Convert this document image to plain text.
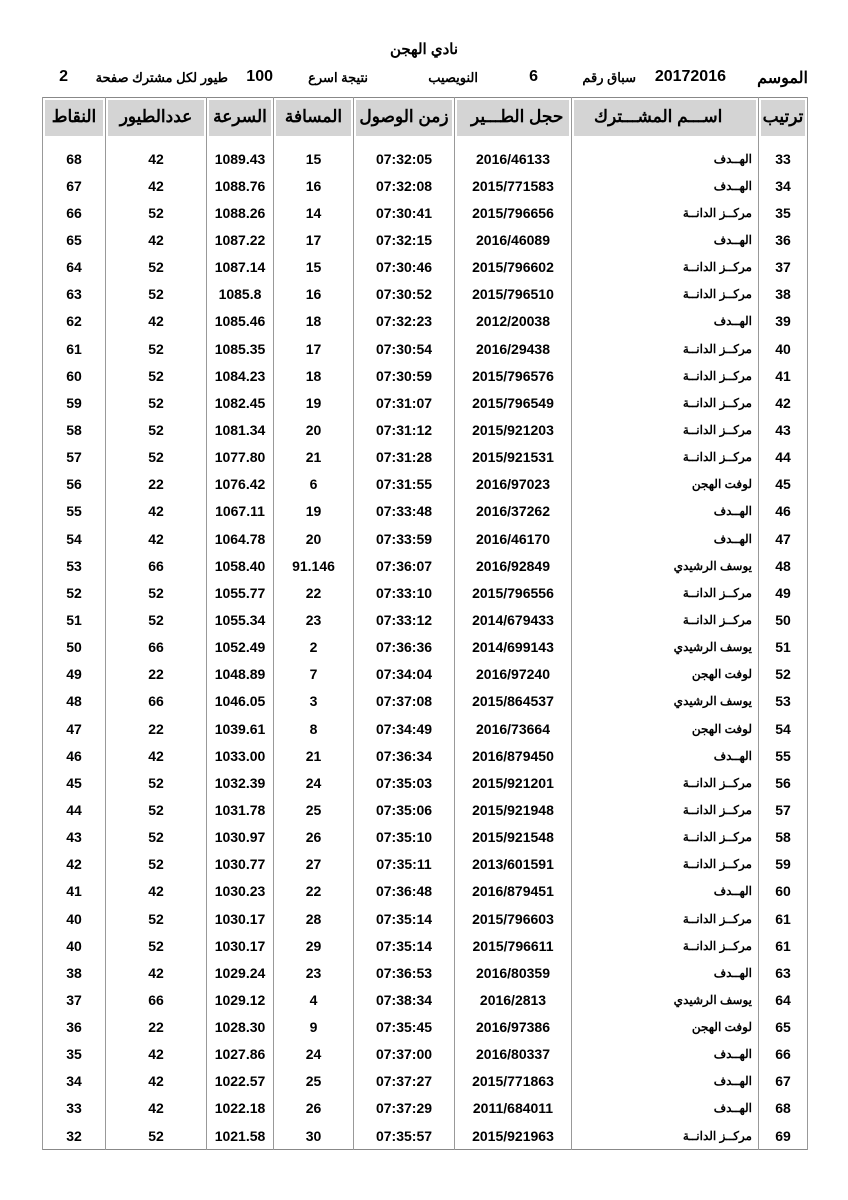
نادي الهجن
الموسم
20172016
سباق رقم
6
النويصيب
نتيجة اسرع
100
طيور لكل مشترك صفحة
2
ترتيب	اســـم المشـــترك	حجل الطـــير	زمن الوصول	المسافة	السرعة	عددالطيور	النقاط

33	الهــدف	2016/46133	07:32:05	15	1089.43	42	68
34	الهــدف	2015/771583	07:32:08	16	1088.76	42	67
35	مركــز الدانــة	2015/796656	07:30:41	14	1088.26	52	66
36	الهــدف	2016/46089	07:32:15	17	1087.22	42	65
37	مركــز الدانــة	2015/796602	07:30:46	15	1087.14	52	64
38	مركــز الدانــة	2015/796510	07:30:52	16	1085.8	52	63
39	الهــدف	2012/20038	07:32:23	18	1085.46	42	62
40	مركــز الدانــة	2016/29438	07:30:54	17	1085.35	52	61
41	مركــز الدانــة	2015/796576	07:30:59	18	1084.23	52	60
42	مركــز الدانــة	2015/796549	07:31:07	19	1082.45	52	59
43	مركــز الدانــة	2015/921203	07:31:12	20	1081.34	52	58
44	مركــز الدانــة	2015/921531	07:31:28	21	1077.80	52	57
45	لوفت الهجن	2016/97023	07:31:55	6	1076.42	22	56
46	الهــدف	2016/37262	07:33:48	19	1067.11	42	55
47	الهــدف	2016/46170	07:33:59	20	1064.78	42	54
48	يوسف الرشيدي	2016/92849	07:36:07	91.146	1058.40	66	53
49	مركــز الدانــة	2015/796556	07:33:10	22	1055.77	52	52
50	مركــز الدانــة	2014/679433	07:33:12	23	1055.34	52	51
51	يوسف الرشيدي	2014/699143	07:36:36	2	1052.49	66	50
52	لوفت الهجن	2016/97240	07:34:04	7	1048.89	22	49
53	يوسف الرشيدي	2015/864537	07:37:08	3	1046.05	66	48
54	لوفت الهجن	2016/73664	07:34:49	8	1039.61	22	47
55	الهــدف	2016/879450	07:36:34	21	1033.00	42	46
56	مركــز الدانــة	2015/921201	07:35:03	24	1032.39	52	45
57	مركــز الدانــة	2015/921948	07:35:06	25	1031.78	52	44
58	مركــز الدانــة	2015/921548	07:35:10	26	1030.97	52	43
59	مركــز الدانــة	2013/601591	07:35:11	27	1030.77	52	42
60	الهــدف	2016/879451	07:36:48	22	1030.23	42	41
61	مركــز الدانــة	2015/796603	07:35:14	28	1030.17	52	40
61	مركــز الدانــة	2015/796611	07:35:14	29	1030.17	52	40
63	الهــدف	2016/80359	07:36:53	23	1029.24	42	38
64	يوسف الرشيدي	2016/2813	07:38:34	4	1029.12	66	37
65	لوفت الهجن	2016/97386	07:35:45	9	1028.30	22	36
66	الهــدف	2016/80337	07:37:00	24	1027.86	42	35
67	الهــدف	2015/771863	07:37:27	25	1022.57	42	34
68	الهــدف	2011/684011	07:37:29	26	1022.18	42	33
69	مركــز الدانــة	2015/921963	07:35:57	30	1021.58	52	32
